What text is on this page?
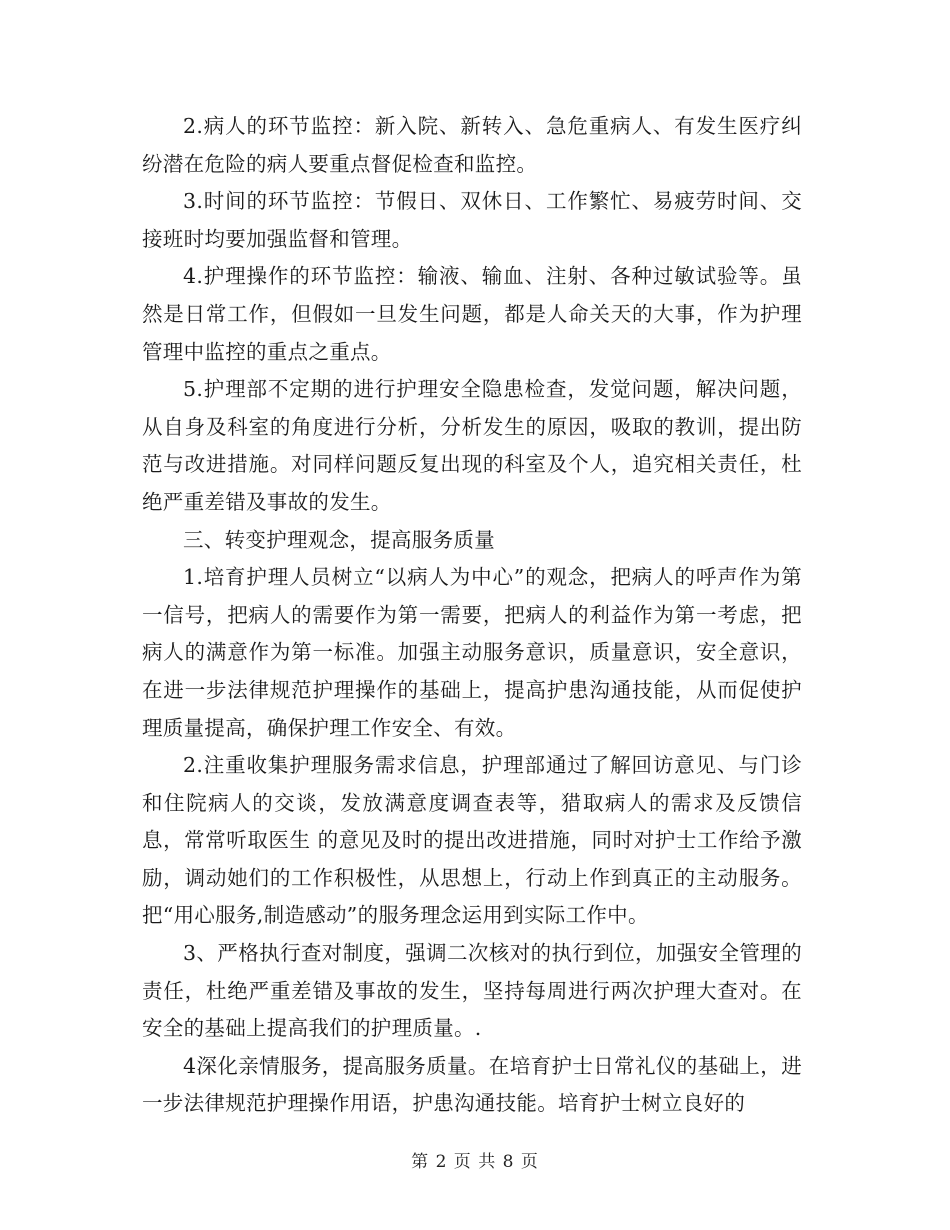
2.病人的环节监控：新入院、新转入、急危重病人、有发生医疗纠纷潜在危险的病人要重点督促检查和监控。

3.时间的环节监控：节假日、双休日、工作繁忙、易疲劳时间、交接班时均要加强监督和管理。

4.护理操作的环节监控：输液、输血、注射、各种过敏试验等。虽然是日常工作，但假如一旦发生问题，都是人命关天的大事，作为护理管理中监控的重点之重点。

5.护理部不定期的进行护理安全隐患检查，发觉问题，解决问题，从自身及科室的角度进行分析，分析发生的原因，吸取的教训，提出防范与改进措施。对同样问题反复出现的科室及个人，追究相关责任，杜绝严重差错及事故的发生。

三、转变护理观念，提高服务质量

1.培育护理人员树立“以病人为中心”的观念，把病人的呼声作为第一信号，把病人的需要作为第一需要，把病人的利益作为第一考虑，把病人的满意作为第一标准。加强主动服务意识，质量意识，安全意识，在进一步法律规范护理操作的基础上，提高护患沟通技能，从而促使护理质量提高，确保护理工作安全、有效。

2.注重收集护理服务需求信息，护理部通过了解回访意见、与门诊和住院病人的交谈，发放满意度调查表等，猎取病人的需求及反馈信息，常常听取医生 的意见及时的提出改进措施，同时对护士工作给予激励，调动她们的工作积极性，从思想上，行动上作到真正的主动服务。把“用心服务,制造感动”的服务理念运用到实际工作中。

3、严格执行查对制度，强调二次核对的执行到位，加强安全管理的责任，杜绝严重差错及事故的发生，坚持每周进行两次护理大查对。在安全的基础上提高我们的护理质量。.

4深化亲情服务，提高服务质量。在培育护士日常礼仪的基础上，进一步法律规范护理操作用语，护患沟通技能。培育护士树立良好的

第 2 页 共 8 页
